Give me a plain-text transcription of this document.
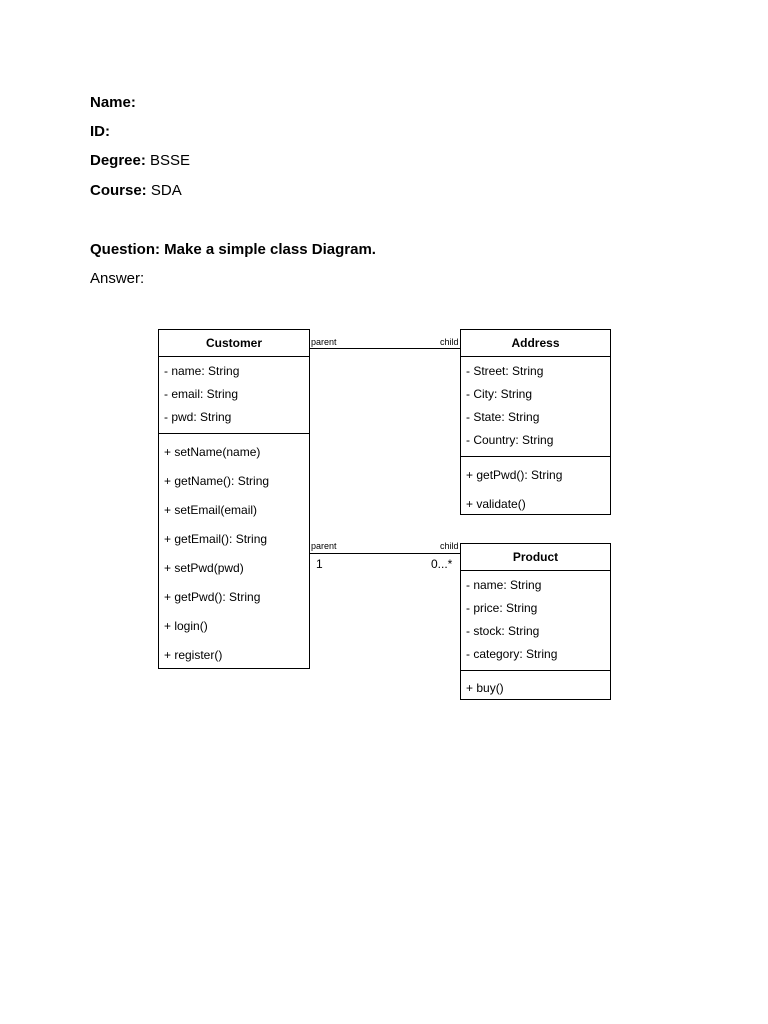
Name:
ID:
Degree: BSSE
Course: SDA
Question: Make a simple class Diagram.
Answer:
Customer
- name: String
- email: String
- pwd: String
+ setName(name)
+ getName(): String
+ setEmail(email)
+ getEmail(): String
+ setPwd(pwd)
+ getPwd(): String
+ login()
+ register()
Address
- Street: String
- City: String
- State: String
- Country: String
+ getPwd(): String
+ validate()
Product
- name: String
- price: String
- stock: String
- category: String
+ buy()
parent	child
parent	child
1	0...*
